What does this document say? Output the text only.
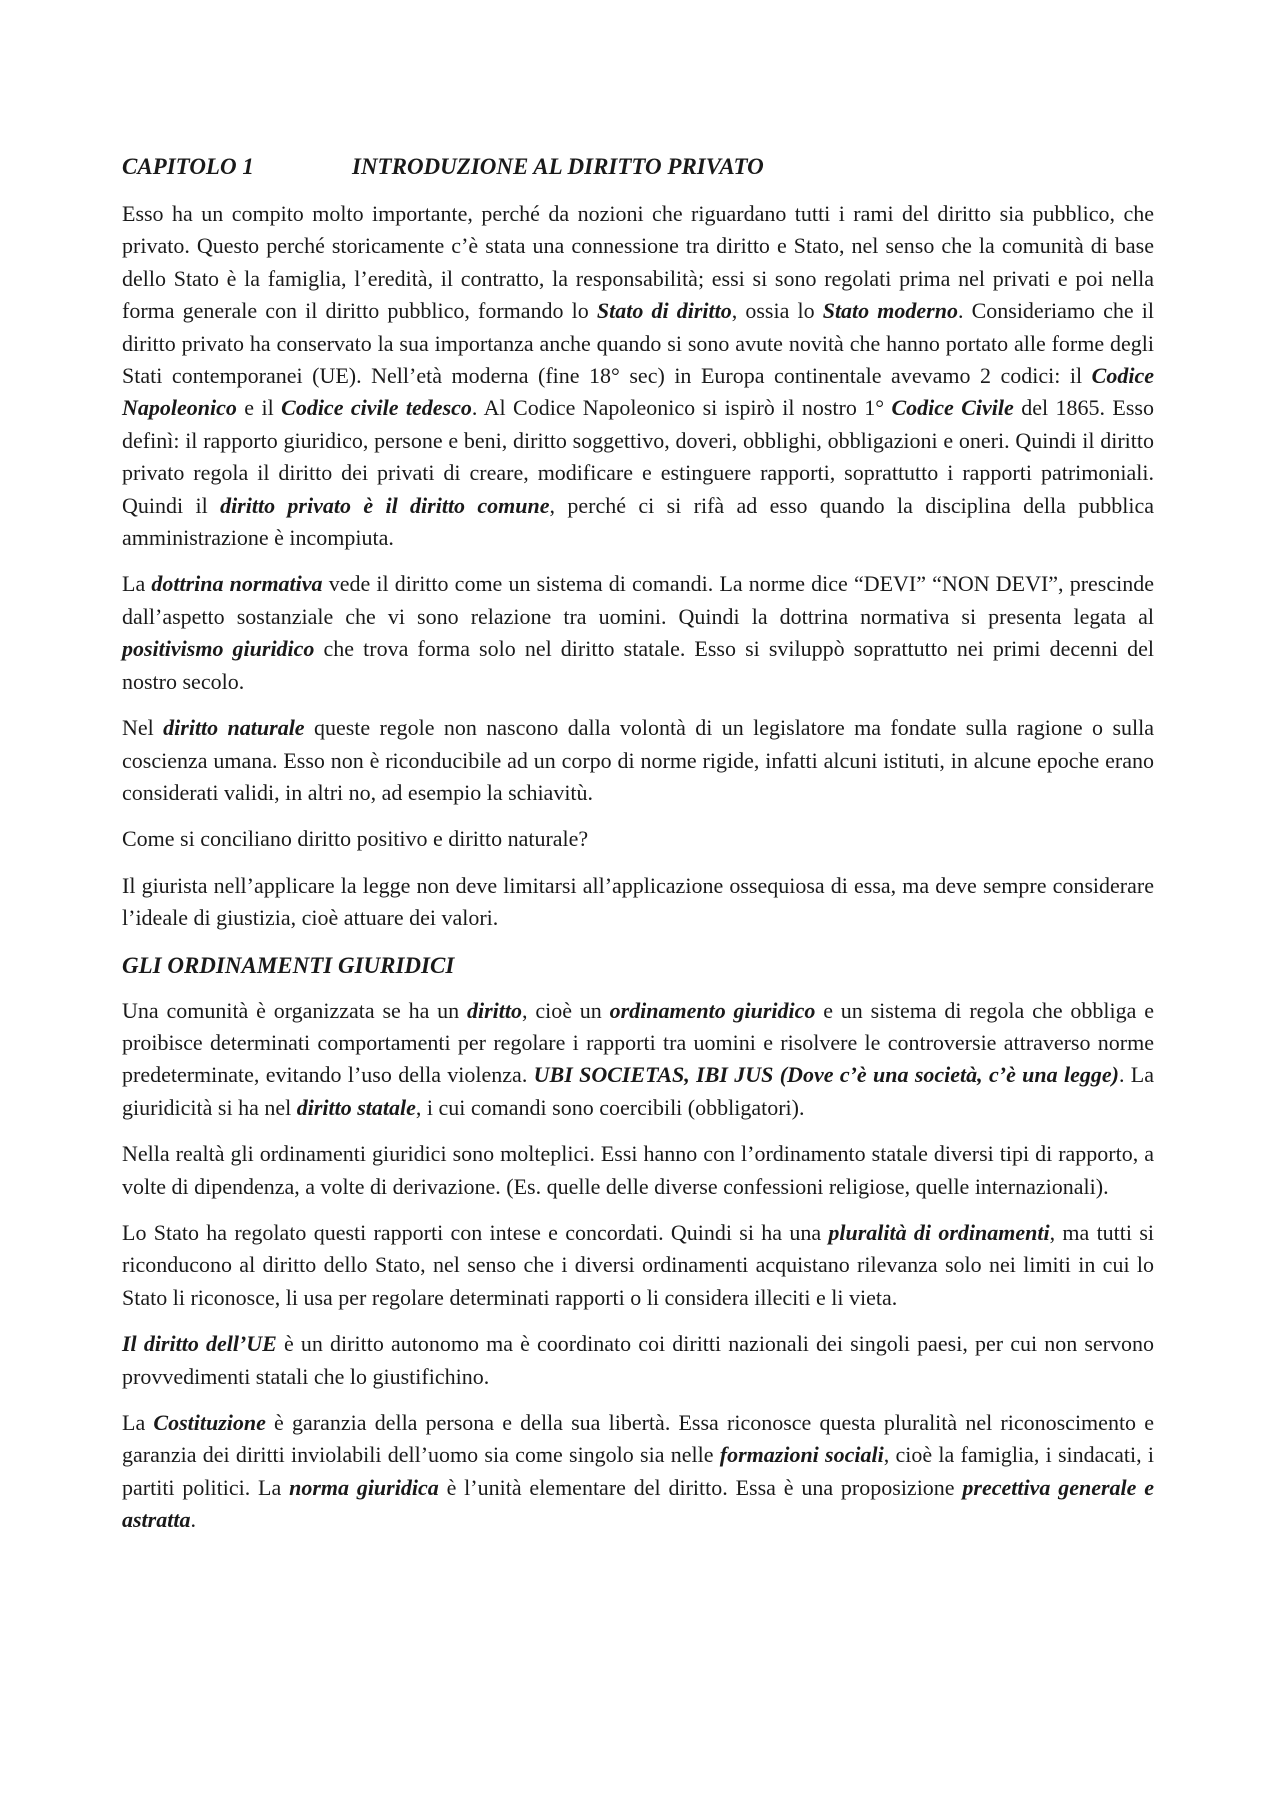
CAPITOLO 1	INTRODUZIONE AL DIRITTO PRIVATO

Esso ha un compito molto importante, perché da nozioni che riguardano tutti i rami del diritto sia pubblico, che privato. Questo perché storicamente c’è stata una connessione tra diritto e Stato, nel senso che la comunità di base dello Stato è la famiglia, l’eredità, il contratto, la responsabilità; essi si sono regolati prima nel privati e poi nella forma generale con il diritto pubblico, formando lo Stato di diritto, ossia lo Stato moderno. Consideriamo che il diritto privato ha conservato la sua importanza anche quando si sono avute novità che hanno portato alle forme degli Stati contemporanei (UE). Nell’età moderna (fine 18° sec) in Europa continentale avevamo 2 codici: il Codice Napoleonico e il Codice civile tedesco. Al Codice Napoleonico si ispirò il nostro 1° Codice Civile del 1865. Esso definì: il rapporto giuridico, persone e beni, diritto soggettivo, doveri, obblighi, obbligazioni e oneri. Quindi il diritto privato regola il diritto dei privati di creare, modificare e estinguere rapporti, soprattutto i rapporti patrimoniali. Quindi il diritto privato è il diritto comune, perché ci si rifà ad esso quando la disciplina della pubblica amministrazione è incompiuta.

La dottrina normativa vede il diritto come un sistema di comandi. La norme dice “DEVI” “NON DEVI”, prescinde dall’aspetto sostanziale che vi sono relazione tra uomini. Quindi la dottrina normativa si presenta legata al positivismo giuridico che trova forma solo nel diritto statale. Esso si sviluppò soprattutto nei primi decenni del nostro secolo.

Nel diritto naturale queste regole non nascono dalla volontà di un legislatore ma fondate sulla ragione o sulla coscienza umana. Esso non è riconducibile ad un corpo di norme rigide, infatti alcuni istituti, in alcune epoche erano considerati validi, in altri no, ad esempio la schiavitù.

Come si conciliano diritto positivo e diritto naturale?

Il giurista nell’applicare la legge non deve limitarsi all’applicazione ossequiosa di essa, ma deve sempre considerare l’ideale di giustizia, cioè attuare dei valori.

GLI ORDINAMENTI GIURIDICI

Una comunità è organizzata se ha un diritto, cioè un ordinamento giuridico e un sistema di regola che obbliga e proibisce determinati comportamenti per regolare i rapporti tra uomini e risolvere le controversie attraverso norme predeterminate, evitando l’uso della violenza. UBI SOCIETAS, IBI JUS (Dove c’è una società, c’è una legge). La giuridicità si ha nel diritto statale, i cui comandi sono coercibili (obbligatori).

Nella realtà gli ordinamenti giuridici sono molteplici. Essi hanno con l’ordinamento statale diversi tipi di rapporto, a volte di dipendenza, a volte di derivazione. (Es. quelle delle diverse confessioni religiose, quelle internazionali).

Lo Stato ha regolato questi rapporti con intese e concordati. Quindi si ha una pluralità di ordinamenti, ma tutti si riconducono al diritto dello Stato, nel senso che i diversi ordinamenti acquistano rilevanza solo nei limiti in cui lo Stato li riconosce, li usa per regolare determinati rapporti o li considera illeciti e li vieta.

Il diritto dell’UE è un diritto autonomo ma è coordinato coi diritti nazionali dei singoli paesi, per cui non servono provvedimenti statali che lo giustifichino.

La Costituzione è garanzia della persona e della sua libertà. Essa riconosce questa pluralità nel riconoscimento e garanzia dei diritti inviolabili dell’uomo sia come singolo sia nelle formazioni sociali, cioè la famiglia, i sindacati, i partiti politici. La norma giuridica è l’unità elementare del diritto. Essa è una proposizione precettiva generale e astratta.
